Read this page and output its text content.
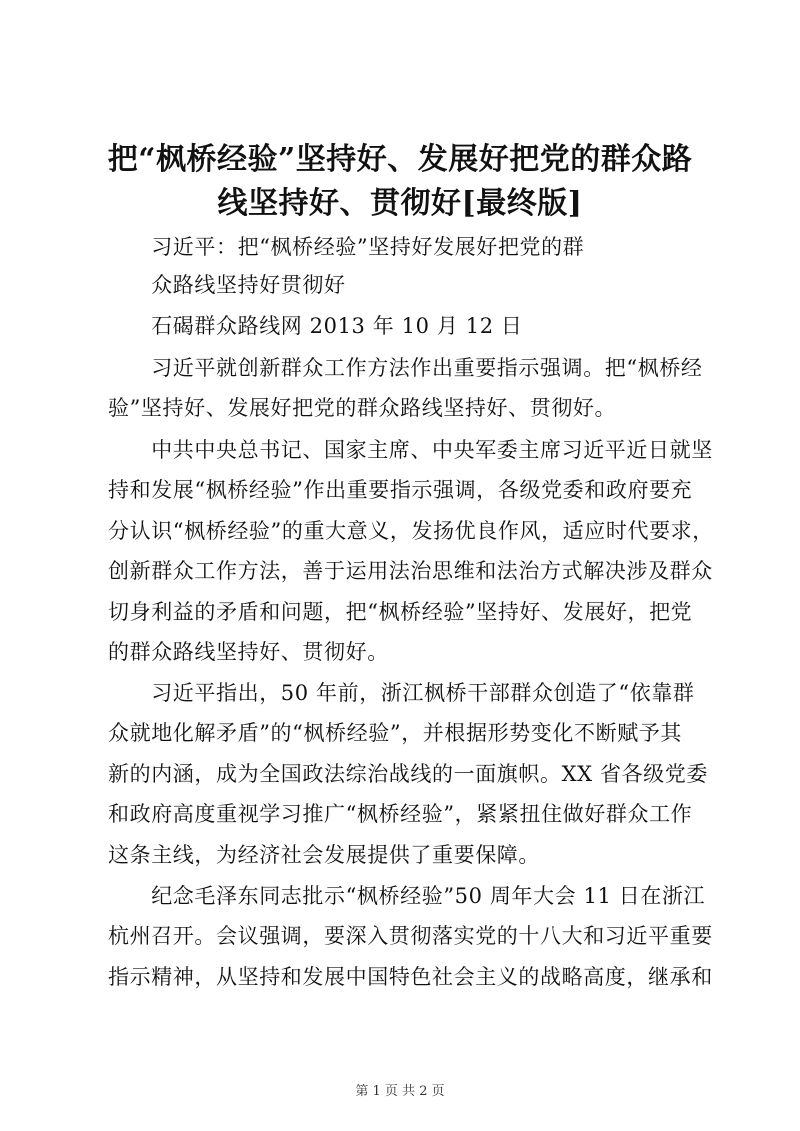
把“枫桥经验”坚持好、发展好把党的群众路
线坚持好、贯彻好[最终版]
　　习近平：把“枫桥经验”坚持好发展好把党的群
　　众路线坚持好贯彻好
　　石碣群众路线网 2013 年 10 月 12 日
　　习近平就创新群众工作方法作出重要指示强调。把“枫桥经
验”坚持好、发展好把党的群众路线坚持好、贯彻好。
　　中共中央总书记、国家主席、中央军委主席习近平近日就坚
持和发展“枫桥经验”作出重要指示强调，各级党委和政府要充
分认识“枫桥经验”的重大意义，发扬优良作风，适应时代要求，
创新群众工作方法，善于运用法治思维和法治方式解决涉及群众
切身利益的矛盾和问题，把“枫桥经验”坚持好、发展好，把党
的群众路线坚持好、贯彻好。
　　习近平指出，50 年前，浙江枫桥干部群众创造了“依靠群
众就地化解矛盾”的“枫桥经验”，并根据形势变化不断赋予其
新的内涵，成为全国政法综治战线的一面旗帜。XX 省各级党委
和政府高度重视学习推广“枫桥经验”，紧紧扭住做好群众工作
这条主线，为经济社会发展提供了重要保障。
　　纪念毛泽东同志批示“枫桥经验”50 周年大会 11 日在浙江
杭州召开。会议强调，要深入贯彻落实党的十八大和习近平重要
指示精神，从坚持和发展中国特色社会主义的战略高度，继承和
第 1 页 共 2 页
